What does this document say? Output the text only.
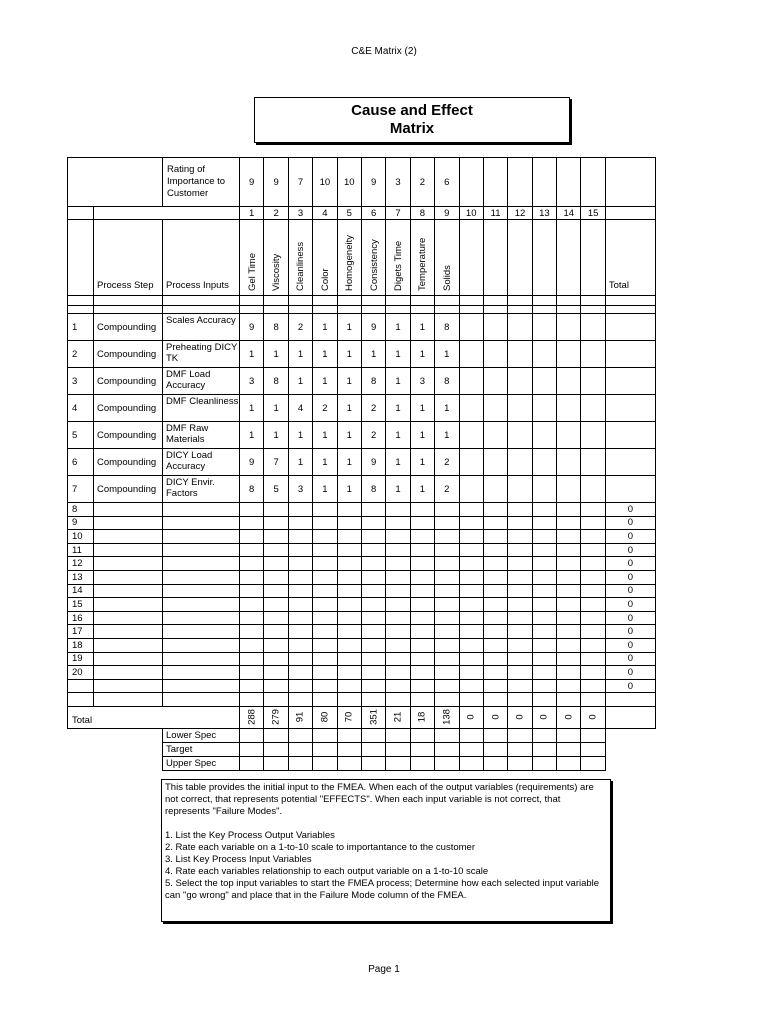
C&E Matrix (2)
Cause and Effect
Matrix
		Rating of Importance to Customer	9	9	7	10	10	9	3	2	6							
			1	2	3	4	5	6	7	8	9	10	11	12	13	14	15	
	Process Step	Process Inputs	Gel Time	Viscosity	Cleanliness	Color	Homogeneity	Consistency	Digets Time	Temperature	Solids							Total

1	Compounding	Scales Accuracy	9	8	2	1	1	9	1	1	8							
2	Compounding	Preheating DICY TK	1	1	1	1	1	1	1	1	1							
3	Compounding	DMF Load Accuracy	3	8	1	1	1	8	1	3	8							
4	Compounding	DMF Cleanliness	1	1	4	2	1	2	1	1	1							
5	Compounding	DMF Raw Materials	1	1	1	1	1	2	1	1	1							
6	Compounding	DICY Load Accuracy	9	7	1	1	1	9	1	1	2							
7	Compounding	DICY Envir. Factors	8	5	3	1	1	8	1	1	2							
8																		0
9																		0
10																		0
11																		0
12																		0
13																		0
14																		0
15																		0
16																		0
17																		0
18																		0
19																		0
20																		0
																		0

Total			288	279	91	80	70	351	21	18	138	0	0	0	0	0	0	

		Lower Spec																
		Target																
		Upper Spec																

This table provides the initial input to the FMEA. When each of the output variables (requirements) are not correct, that represents potential "EFFECTS". When each input variable is not correct, that represents "Failure Modes".

1. List the Key Process Output Variables

2. Rate each variable on a 1-to-10 scale to importantance to the customer

3. List Key Process Input Variables

4. Rate each variables relationship to each output variable on a 1-to-10 scale

5. Select the top input variables to start the FMEA process; Determine how each selected input variable can "go wrong" and place that in the Failure Mode column of the FMEA.

Page 1
